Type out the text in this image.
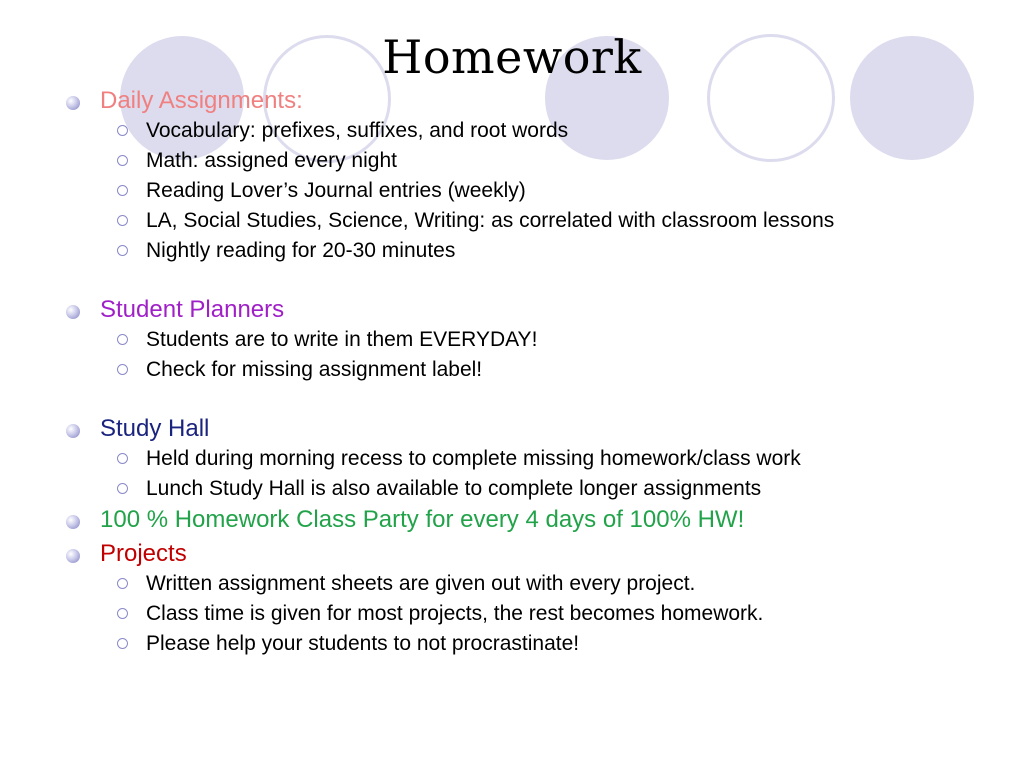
Homework
Daily Assignments:
Vocabulary: prefixes, suffixes, and root words
Math: assigned every night
Reading Lover’s Journal entries (weekly)
LA, Social Studies, Science, Writing: as correlated with classroom lessons
Nightly reading for 20-30 minutes
Student Planners
Students are to write in them EVERYDAY!
Check for missing assignment label!
Study Hall
Held during morning recess to complete missing homework/class work
Lunch Study Hall is also available to complete longer assignments
100 % Homework Class Party for every 4 days of 100% HW!
Projects
Written assignment sheets are given out with every project.
Class time is given for most projects, the rest becomes homework.
Please help your students to not procrastinate!
